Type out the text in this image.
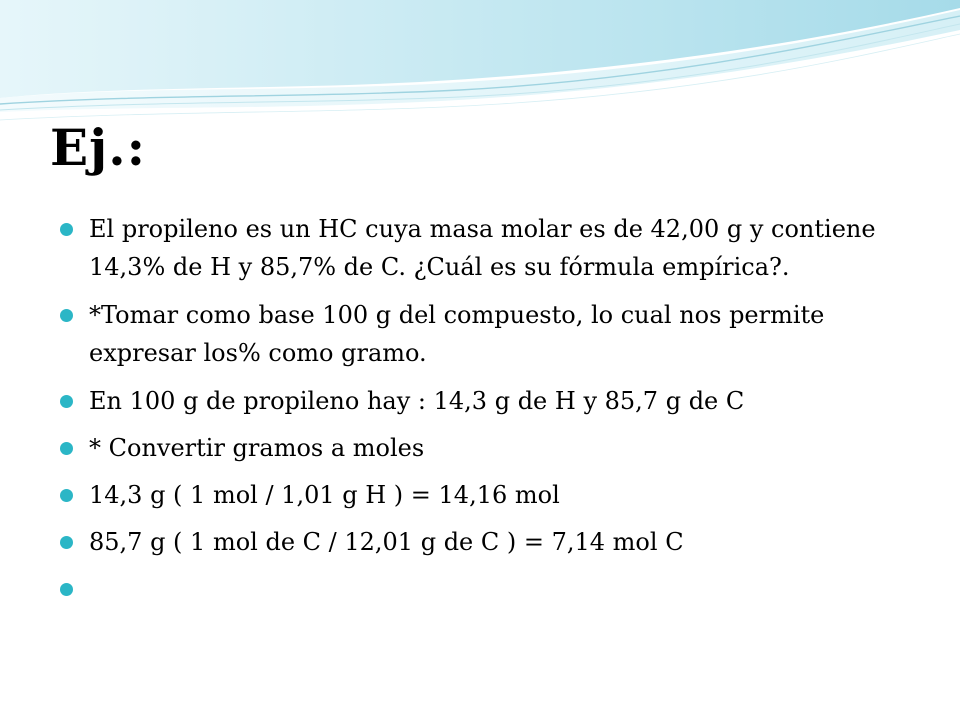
Ej.:
El propileno es un HC cuya masa molar es de 42,00 g y contiene 14,3% de H y 85,7% de C. ¿Cuál es su fórmula empírica?.
*Tomar como base 100 g del compuesto, lo cual nos permite expresar los% como gramo.
En 100 g de propileno hay : 14,3 g de H y 85,7 g de C
* Convertir gramos a moles
14,3 g ( 1 mol / 1,01 g H ) = 14,16 mol
85,7 g ( 1 mol de C / 12,01 g de C ) = 7,14 mol C
